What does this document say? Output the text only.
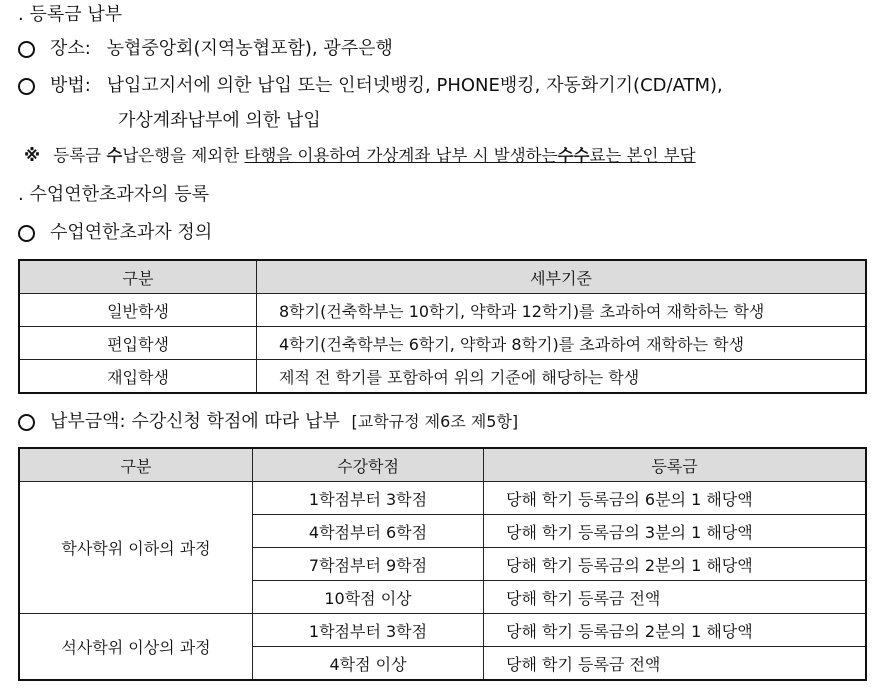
. 등록금 납부
장소: 농협중앙회(지역농협포함), 광주은행
방법: 납입고지서에 의한 납입 또는 인터넷뱅킹, PHONE뱅킹, 자동화기기(CD/ATM),
가상계좌납부에 의한 납입
※ 등록금 수납은행을 제외한 타행을 이용하여 가상계좌 납부 시 발생하는수수료는 본인 부담
. 수업연한초과자의 등록
수업연한초과자 정의
구분	세부기준
일반학생	8학기(건축학부는 10학기, 약학과 12학기)를 초과하여 재학하는 학생
편입학생	4학기(건축학부는 6학기, 약학과 8학기)를 초과하여 재학하는 학생
재입학생	제적 전 학기를 포함하여 위의 기준에 해당하는 학생
납부금액: 수강신청 학점에 따라 납부 [교학규정 제6조 제5항]
구분	수강학점	등록금
학사학위 이하의 과정	1학점부터 3학점	당해 학기 등록금의 6분의 1 해당액
	4학점부터 6학점	당해 학기 등록금의 3분의 1 해당액
	7학점부터 9학점	당해 학기 등록금의 2분의 1 해당액
	10학점 이상	당해 학기 등록금 전액
석사학위 이상의 과정	1학점부터 3학점	당해 학기 등록금의 2분의 1 해당액
	4학점 이상	당해 학기 등록금 전액
